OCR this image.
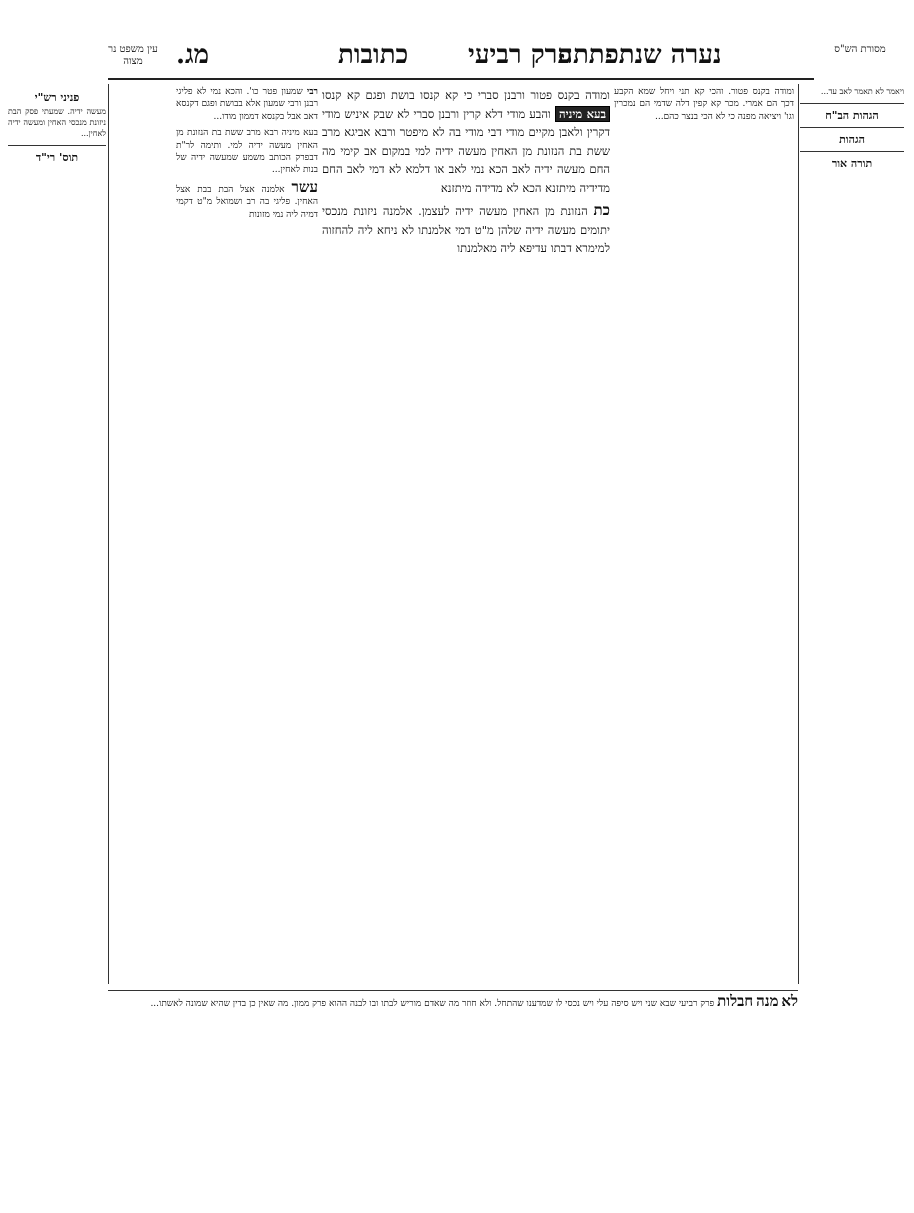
עין משפט נר מצוה	מג.	כתובות פרק רביעי
נערה שנתפתתה	מסורת הש"ס
ויאמר לא תאמר לאב עד...
הגהות הב"ח
הגהות
תורה אור

ומודה בקנס פטור. והכי קא תני ויחל שמא הקבע דכך הם אמרי. מכר קא קפין דלה שדמי הם נמכרין וגו' ויציאה מפנה כי לא הכי בנצר כהם...

ומודה בקנס פטור ורבנן סברי כי קא קנסו בושת ופגם קא קנסו בעא מיניה והבע מודי דלא קרין ורבנן סברי לא שבק איניש מודי דקרין ולאבן מקיים מודי דבי מודי בה לא מיפטר ורבא אביגא מרב ששת בת הנזונת מן האחין מעשה ידיה למי במקום אב קימי מה החם מעשה ידיה לאב הכא נמי לאב או דלמא לא דמי לאב החם מדידיה מיתזנא הכא לא מדידה מיתזנא

כת הנזונת מן האחין מעשה ידיה לעצמן. אלמנה ניזונת מנכסי יתומים מעשה ידיה שלהן מ"ט דמי אלמנתו לא ניחא ליה להחזוה למימרא דבתו עדיפא ליה מאלמנתו

רבי שמעון פטר כו'. והכא נמי לא פליגי רבנן ורבי שמעון אלא בבושת ופגם דקנסא דאב אבל בקנסא דממון מודו...

בעא מיניה רבא מרב ששת בת הנזונת מן האחין מעשה ידיה למי. ותימה לר"ת דבפרק הכותב משמע שמעשה ידיה של בנות לאחין...

עשר אלמנה אצל הבת בבת אצל האחין. פליגי בה רב ושמואל מ"ט דקמי דמיה ליה נמי מזונות

פניני רש"י
מעשה ידיה. שמעתי פסק הבת ניזונת מנכסי האחין ומעשה ידיה לאחין...
תוס' רי"ד

לא מנה חבלות פרק רביעי שבא שני ויש סיפה עלי ויש נכסי לו שמדענו שהתחל. ולא חוזר מה שאדם מוריש לבתו ובו לבנה ההוא פרק ממון. מה שאין כן בדין שהיא שמונה לאשתו...
